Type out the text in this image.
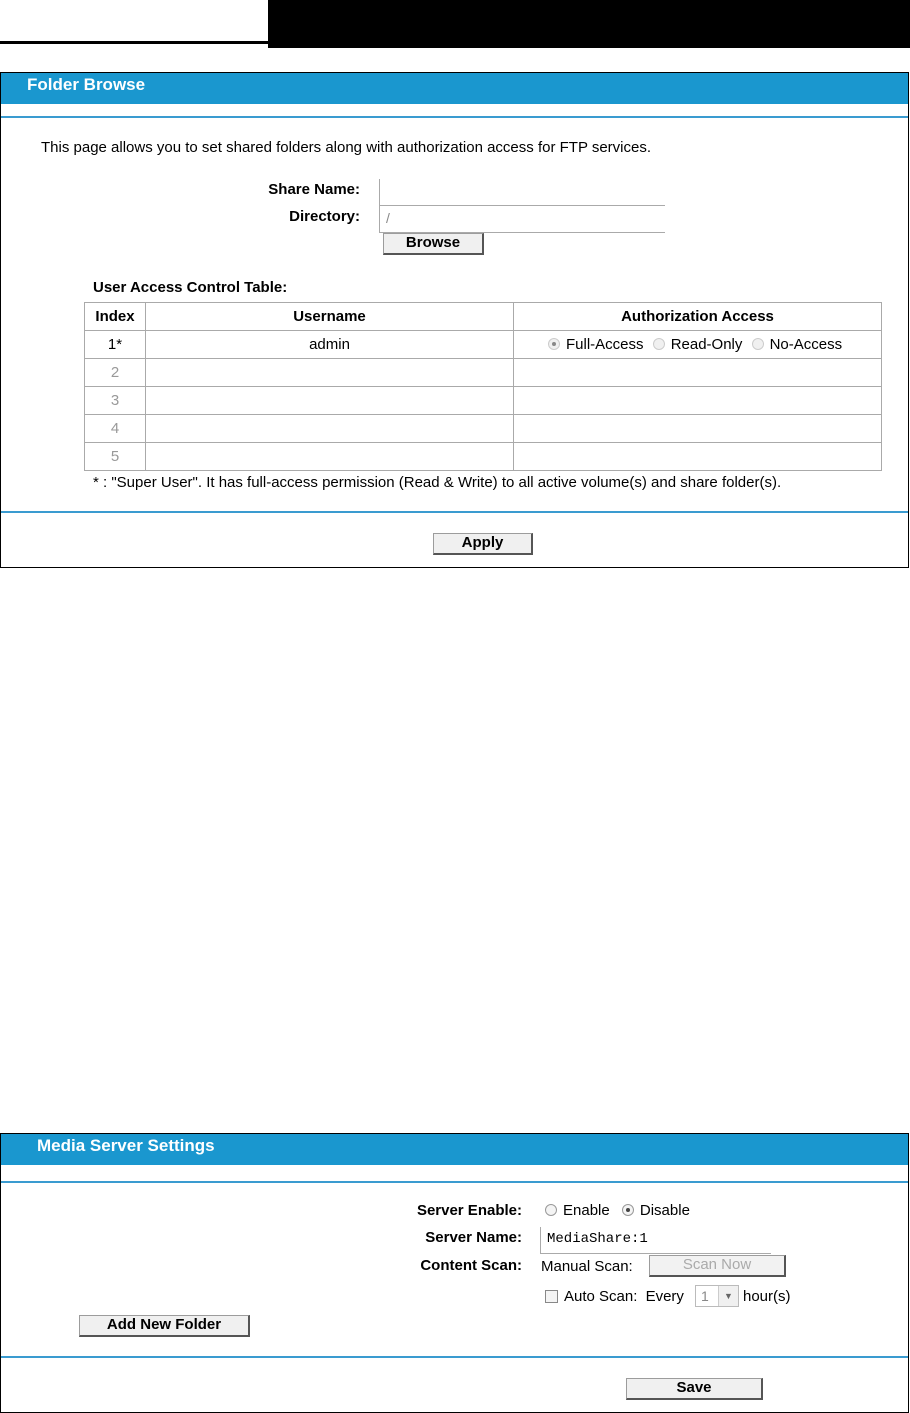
Folder Browse
This page allows you to set shared folders along with authorization access for FTP services.
Share Name:
Directory:	/
Browse
User Access Control Table:
Index	Username	Authorization Access
1*	admin	Full-Access Read-Only No-Access
2		
3		
4		
5		
* : "Super User". It has full-access permission (Read & Write) to all active volume(s) and share folder(s).
Apply
Media Server Settings
Server Enable:	Enable Disable
Server Name:	MediaShare:1
Content Scan: Manual Scan:	Scan Now
Auto Scan: Every 1	▼ hour(s)
Add New Folder
Save
